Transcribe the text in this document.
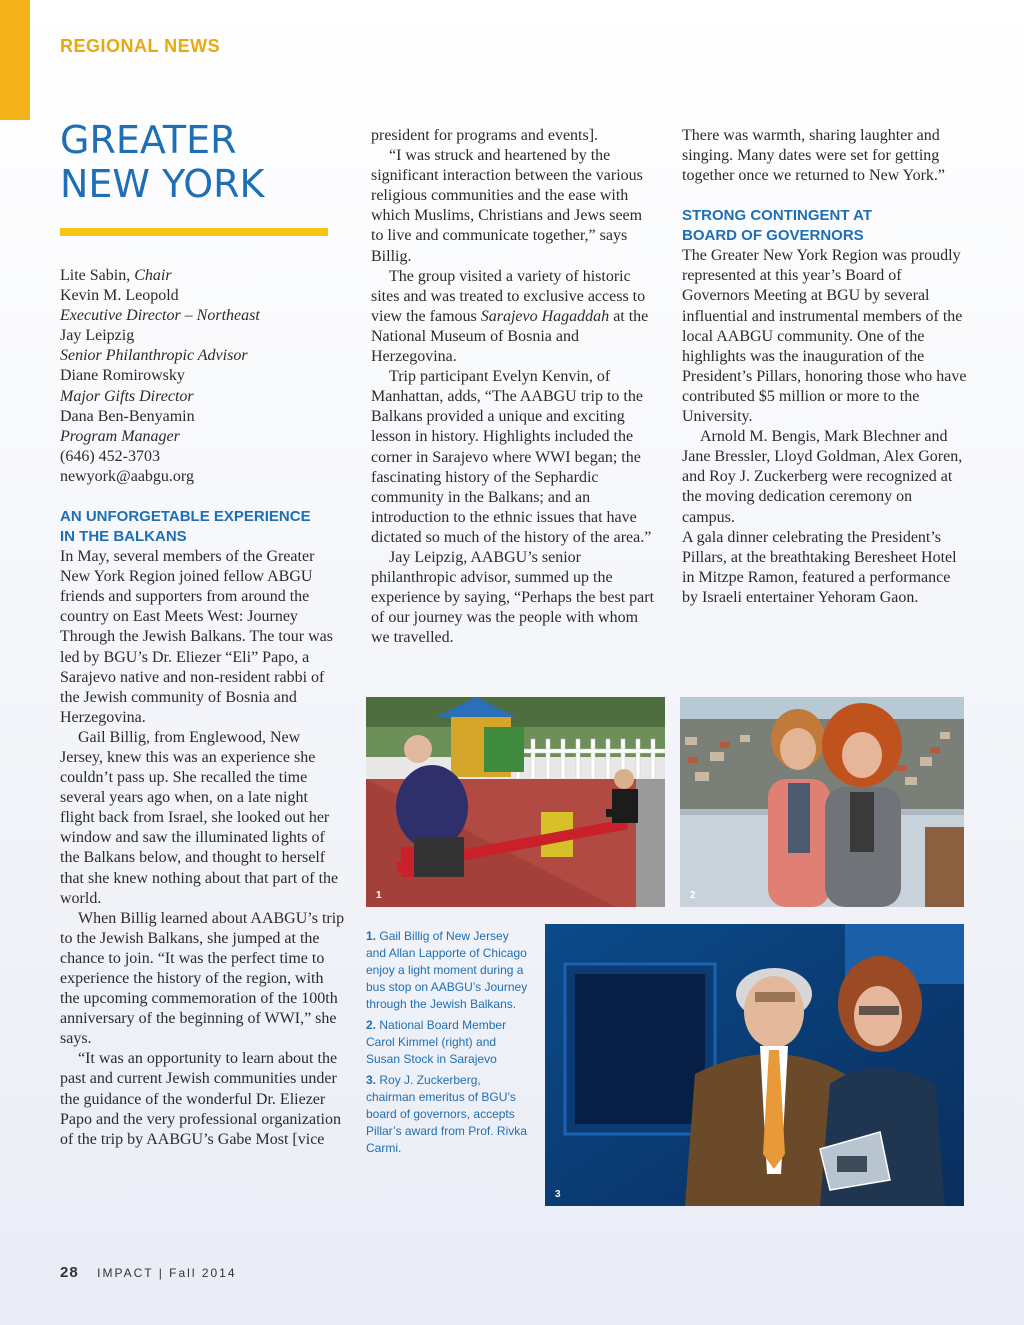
REGIONAL NEWS
GREATER
NEW YORK
Lite Sabin, Chair
Kevin M. Leopold
Executive Director – Northeast
Jay Leipzig
Senior Philanthropic Advisor
Diane Romirowsky
Major Gifts Director
Dana Ben-Benyamin
Program Manager
(646) 452-3703
newyork@aabgu.org
AN UNFORGETABLE EXPERIENCE
IN THE BALKANS

In May, several members of the Greater New York Region joined fellow ABGU friends and supporters from around the country on East Meets West: Journey Through the Jewish Balkans. The tour was led by BGU’s Dr. Eliezer “Eli” Papo, a Sarajevo native and non-resident rabbi of the Jewish community of Bosnia and Herzegovina.

Gail Billig, from Englewood, New Jersey, knew this was an experience she couldn’t pass up. She recalled the time several years ago when, on a late night flight back from Israel, she looked out her window and saw the illuminated lights of the Balkans below, and thought to herself that she knew nothing about that part of the world.

When Billig learned about AABGU’s trip to the Jewish Balkans, she jumped at the chance to join. “It was the perfect time to experience the history of the region, with the upcoming commemoration of the 100th anniversary of the beginning of WWI,” she says.

“It was an opportunity to learn about the past and current Jewish communities under the guidance of the wonderful Dr. Eliezer Papo and the very professional organization of the trip by AABGU’s Gabe Most [vice

president for programs and events].

“I was struck and heartened by the significant interaction between the various religious communities and the ease with which Muslims, Christians and Jews seem to live and communicate together,” says Billig.

The group visited a variety of historic sites and was treated to exclusive access to view the famous Sarajevo Hagaddah at the National Museum of Bosnia and Herzegovina.

Trip participant Evelyn Kenvin, of Manhattan, adds, “The AABGU trip to the Balkans provided a unique and exciting lesson in history. Highlights included the corner in Sarajevo where WWI began; the fascinating history of the Sephardic community in the Balkans; and an introduction to the ethnic issues that have dictated so much of the history of the area.”

Jay Leipzig, AABGU’s senior philanthropic advisor, summed up the experience by saying, “Perhaps the best part of our journey was the people with whom we travelled.

There was warmth, sharing laughter and singing. Many dates were set for getting together once we returned to New York.”

STRONG CONTINGENT AT
BOARD OF GOVERNORS

The Greater New York Region was proudly represented at this year’s Board of Governors Meeting at BGU by several influential and instrumental members of the local AABGU community. One of the highlights was the inauguration of the President’s Pillars, honoring those who have contributed $5 million or more to the University.

Arnold M. Bengis, Mark Blechner and Jane Bressler, Lloyd Goldman, Alex Goren, and Roy J. Zuckerberg were recognized at the moving dedication ceremony on campus.

A gala dinner celebrating the President’s Pillars, at the breathtaking Beresheet Hotel in Mitzpe Ramon, featured a performance by Israeli entertainer Yehoram Gaon.

1	2
3

1. Gail Billig of New Jersey and Allan Lapporte of Chicago enjoy a light moment during a bus stop on AABGU’s Journey through the Jewish Balkans.

2. National Board Member Carol Kimmel (right) and Susan Stock in Sarajevo

3. Roy J. Zuckerberg, chairman emeritus of BGU’s board of governors, accepts Pillar’s award from Prof. Rivka Carmi.

28 IMPACT | Fall 2014
